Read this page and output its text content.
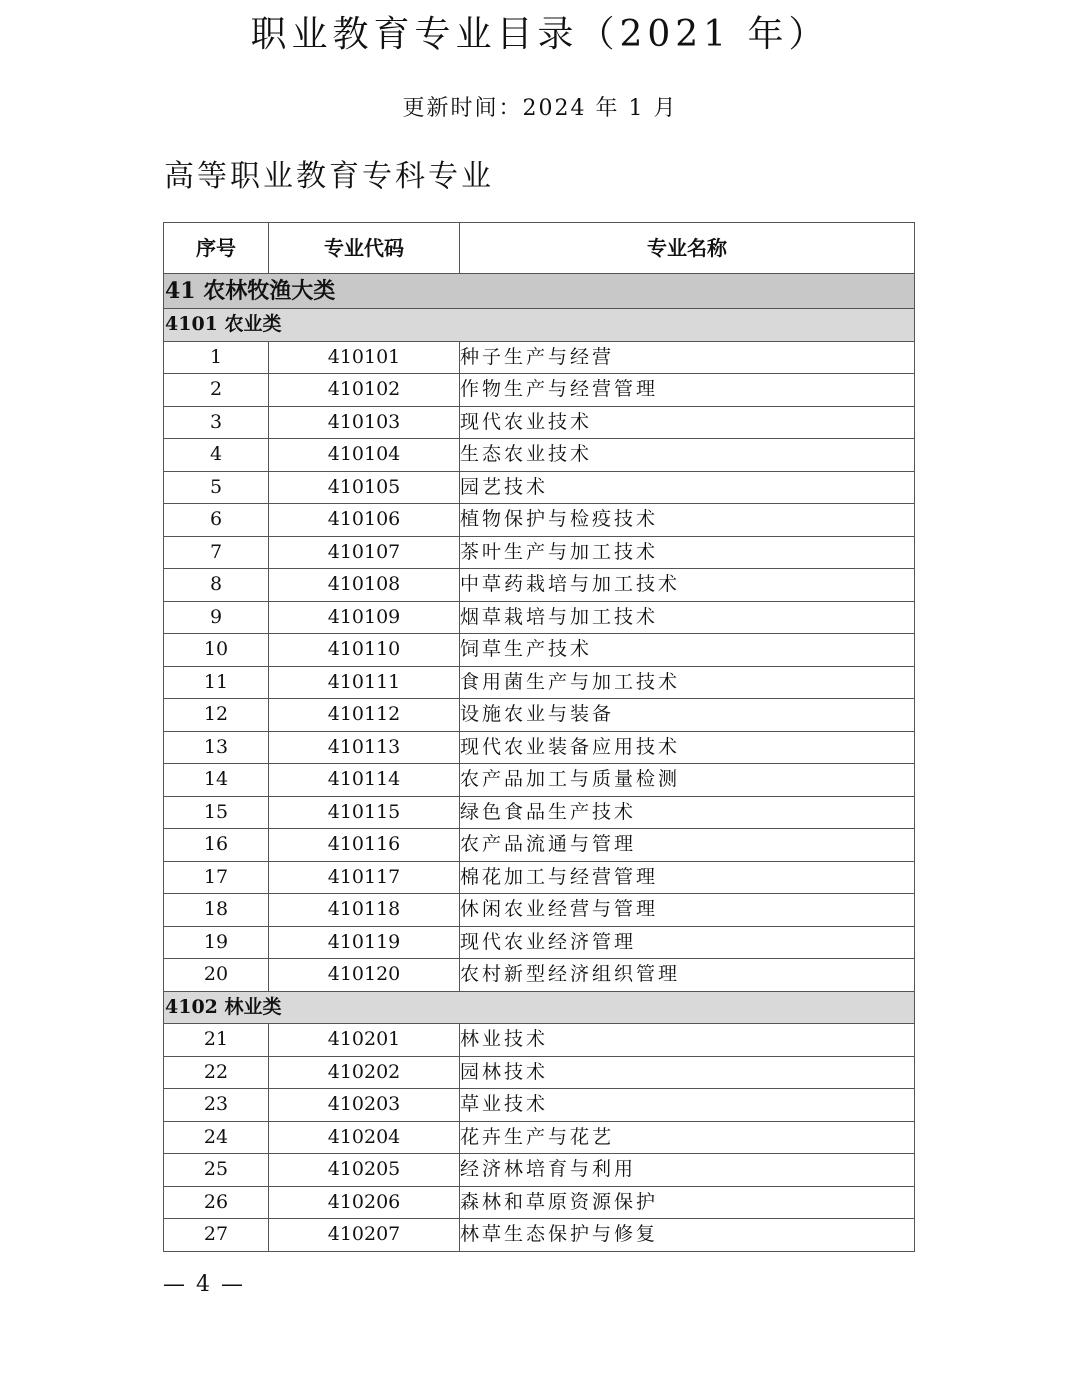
职业教育专业目录（2021 年）
更新时间：2024 年 1 月
高等职业教育专科专业
序号	专业代码	专业名称
41 农林牧渔大类		
4101 农业类		
1	410101	种子生产与经营
2	410102	作物生产与经营管理
3	410103	现代农业技术
4	410104	生态农业技术
5	410105	园艺技术
6	410106	植物保护与检疫技术
7	410107	茶叶生产与加工技术
8	410108	中草药栽培与加工技术
9	410109	烟草栽培与加工技术
10	410110	饲草生产技术
11	410111	食用菌生产与加工技术
12	410112	设施农业与装备
13	410113	现代农业装备应用技术
14	410114	农产品加工与质量检测
15	410115	绿色食品生产技术
16	410116	农产品流通与管理
17	410117	棉花加工与经营管理
18	410118	休闲农业经营与管理
19	410119	现代农业经济管理
20	410120	农村新型经济组织管理
4102 林业类		
21	410201	林业技术
22	410202	园林技术
23	410203	草业技术
24	410204	花卉生产与花艺
25	410205	经济林培育与利用
26	410206	森林和草原资源保护
27	410207	林草生态保护与修复
— 4 —
